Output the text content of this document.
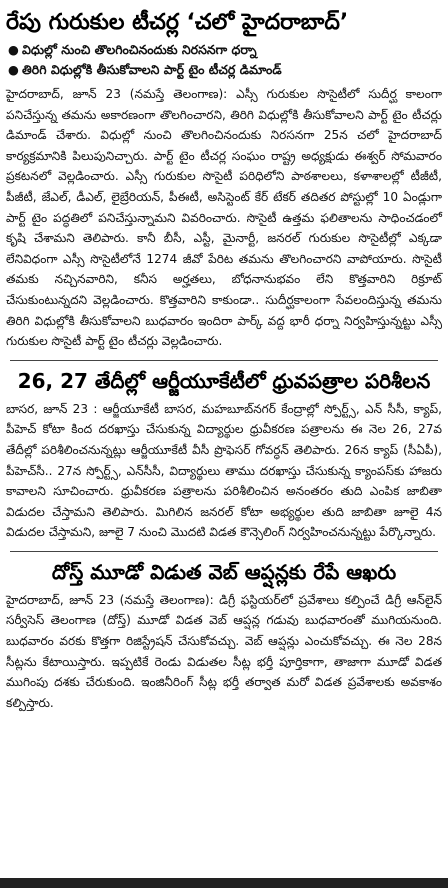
రేపు గురుకుల టీచర్ల ‘చలో హైదరాబాద్’
● విధుల్లో నుంచి తొలగించినందుకు నిరసనగా ధర్నా
● తిరిగి విధుల్లోకి తీసుకోవాలని పార్ట్ టైం టీచర్ల డిమాండ్

హైదరాబాద్, జూన్ 23 (నమస్తే తెలంగాణ): ఎస్సీ గురుకుల సొసైటీలో సుదీర్ఘ కాలంగా పనిచేస్తున్న తమను అకారణంగా తొలగించారని, తిరిగి విధుల్లోకి తీసుకోవాలని పార్ట్ టైం టీచర్లు డిమాండ్ చేశారు. విధుల్లో నుంచి తొలగించినందుకు నిరసనగా 25న చలో హైదరాబాద్ కార్యక్రమానికి పిలుపునిచ్చారు. పార్ట్ టైం టీచర్ల సంఘం రాష్ట్ర అధ్యక్షుడు ఈశ్వర్ సోమవారం ప్రకటనలో వెల్లడించారు. ఎస్సీ గురుకుల సొసైటీ పరిధిలోని పాఠశాలలు, కళాశాలల్లో టీజీటీ, పీజీటీ, జేఎల్, డీఎల్, లైబ్రేరియన్, పీఈటీ, అసిస్టెంట్ కేర్ టేకర్ తదితర పోస్టుల్లో 10 ఏండ్లుగా పార్ట్ టైం పద్ధతిలో పనిచేస్తున్నామని వివరించారు. సొసైటీ ఉత్తమ ఫలితాలను సాధించడంలో కృషి చేశామని తెలిపారు. కానీ బీసీ, ఎస్టీ, మైనార్టీ, జనరల్ గురుకుల సొసైటీల్లో ఎక్కడా లేనివిధంగా ఎస్సీ సొసైటీలోనే 1274 జీవో పేరిట తమను తొలగించారని వాపోయారు. సొసైటీ తమకు నచ్చినవారిని, కనీస అర్హతలు, బోధనానుభవం లేని కొత్తవారిని రిక్రూట్ చేసుకుంటున్నదని వెల్లడించారు. కొత్తవారిని కాకుండా.. సుదీర్ఘకాలంగా సేవలందిస్తున్న తమను తిరిగి విధుల్లోకి తీసుకోవాలని బుధవారం ఇందిరా పార్క్ వద్ద భారీ ధర్నా నిర్వహిస్తున్నట్టు ఎస్సీ గురుకుల సొసైటీ పార్ట్ టైం టీచర్లు వెల్లడించారు.

26, 27 తేదీల్లో ఆర్జీయూకేటీలో ధ్రువపత్రాల పరిశీలన

బాసర, జూన్ 23 : ఆర్జీయూకేటీ బాసర, మహబూబ్‌నగర్ కేంద్రాల్లో స్పోర్ట్స్, ఎన్ సీసీ, క్యాప్, పీహెచ్ కోటా కింద దరఖాస్తు చేసుకున్న విద్యార్థుల ధ్రువీకరణ పత్రాలను ఈ నెల 26, 27వ తేదీల్లో పరిశీలించనున్నట్లు ఆర్జీయూకేటీ వీసీ ప్రొఫెసర్ గోవర్ధన్ తెలిపారు. 26న క్యాప్ (సీఏపీ), పీహెచ్‌సీ.. 27న స్పోర్ట్స్, ఎన్‌సీసీ, విద్యార్థులు తాము దరఖాస్తు చేసుకున్న క్యాంపస్‌కు హాజరు కావాలని సూచించారు. ధ్రువీకరణ పత్రాలను పరిశీలించిన అనంతరం తుది ఎంపిక జాబితా విడుదల చేస్తామని తెలిపారు. మిగిలిన జనరల్ కోటా అభ్యర్థుల తుది జాబితా జూలై 4న విడుదల చేస్తామని, జూలై 7 నుంచి మొదటి విడత కౌన్సెలింగ్ నిర్వహించనున్నట్టు పేర్కొన్నారు.

దోస్త్ మూడో విడుత వెబ్ ఆప్షన్లకు రేపే ఆఖరు

హైదరాబాద్, జూన్ 23 (నమస్తే తెలంగాణ): డిగ్రీ ఫస్టియర్‌లో ప్రవేశాలు కల్పించే డిగ్రీ ఆన్‌లైన్ సర్వీసెస్ తెలంగాణ (దోస్త్) మూడో విడత వెబ్ ఆప్షన్ల గడువు బుధవారంతో ముగియనుంది. బుధవారం వరకు కొత్తగా రిజిస్ట్రేషన్ చేసుకోవచ్చు. వెబ్ ఆప్షన్లు ఎంచుకోవచ్చు. ఈ నెల 28న సీట్లను కేటాయిస్తారు. ఇప్పటికే రెండు విడుతల సీట్ల భర్తీ పూర్తికాగా, తాజాగా మూడో విడత ముగింపు దశకు చేరుకుంది. ఇంజినీరింగ్ సీట్ల భర్తీ తర్వాత మరో విడత ప్రవేశాలకు అవకాశం కల్పిస్తారు.
